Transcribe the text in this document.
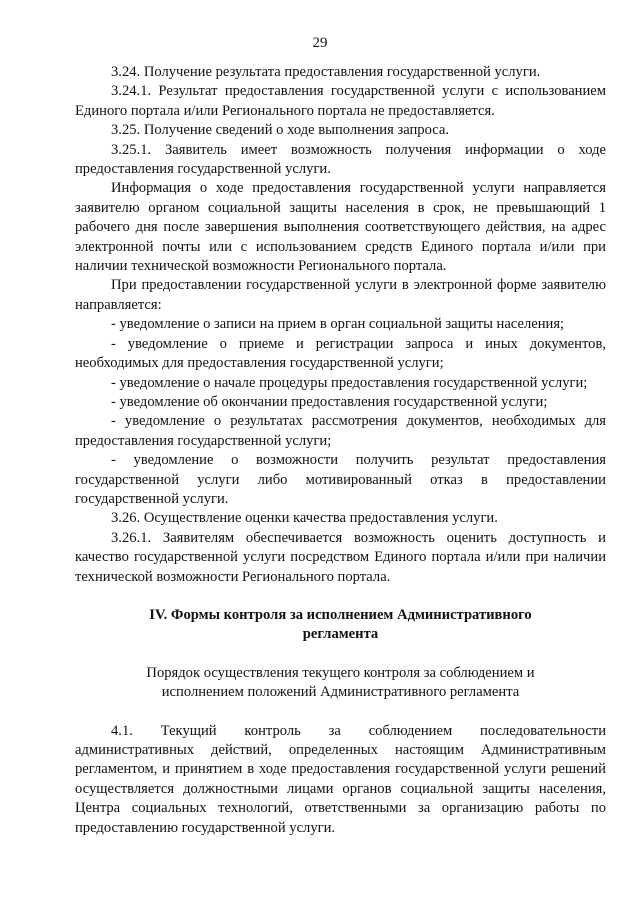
29

3.24. Получение результата предоставления государственной услуги.

3.24.1. Результат предоставления государственной услуги с использованием Единого портала и/или Регионального портала не предоставляется.

3.25. Получение сведений о ходе выполнения запроса.

3.25.1. Заявитель имеет возможность получения информации о ходе предоставления государственной услуги.

Информация о ходе предоставления государственной услуги направляется заявителю органом социальной защиты населения в срок, не превышающий 1 рабочего дня после завершения выполнения соответствующего действия, на адрес электронной почты или с использованием средств Единого портала и/или при наличии технической возможности Регионального портала.

При предоставлении государственной услуги в электронной форме заявителю направляется:

- уведомление о записи на прием в орган социальной защиты населения;

- уведомление о приеме и регистрации запроса и иных документов, необходимых для предоставления государственной услуги;

- уведомление о начале процедуры предоставления государственной услуги;

- уведомление об окончании предоставления государственной услуги;

- уведомление о результатах рассмотрения документов, необходимых для предоставления государственной услуги;

- уведомление о возможности получить результат предоставления государственной услуги либо мотивированный отказ в предоставлении государственной услуги.

3.26. Осуществление оценки качества предоставления услуги.

3.26.1. Заявителям обеспечивается возможность оценить доступность и качество государственной услуги посредством Единого портала и/или при наличии технической возможности Регионального портала.

IV. Формы контроля за исполнением Административного

регламента

Порядок осуществления текущего контроля за соблюдением и

исполнением положений Административного регламента

4.1. Текущий контроль за соблюдением последовательности административных действий, определенных настоящим Административным регламентом, и принятием в ходе предоставления государственной услуги решений осуществляется должностными лицами органов социальной защиты населения, Центра социальных технологий, ответственными за организацию работы по предоставлению государственной услуги.
